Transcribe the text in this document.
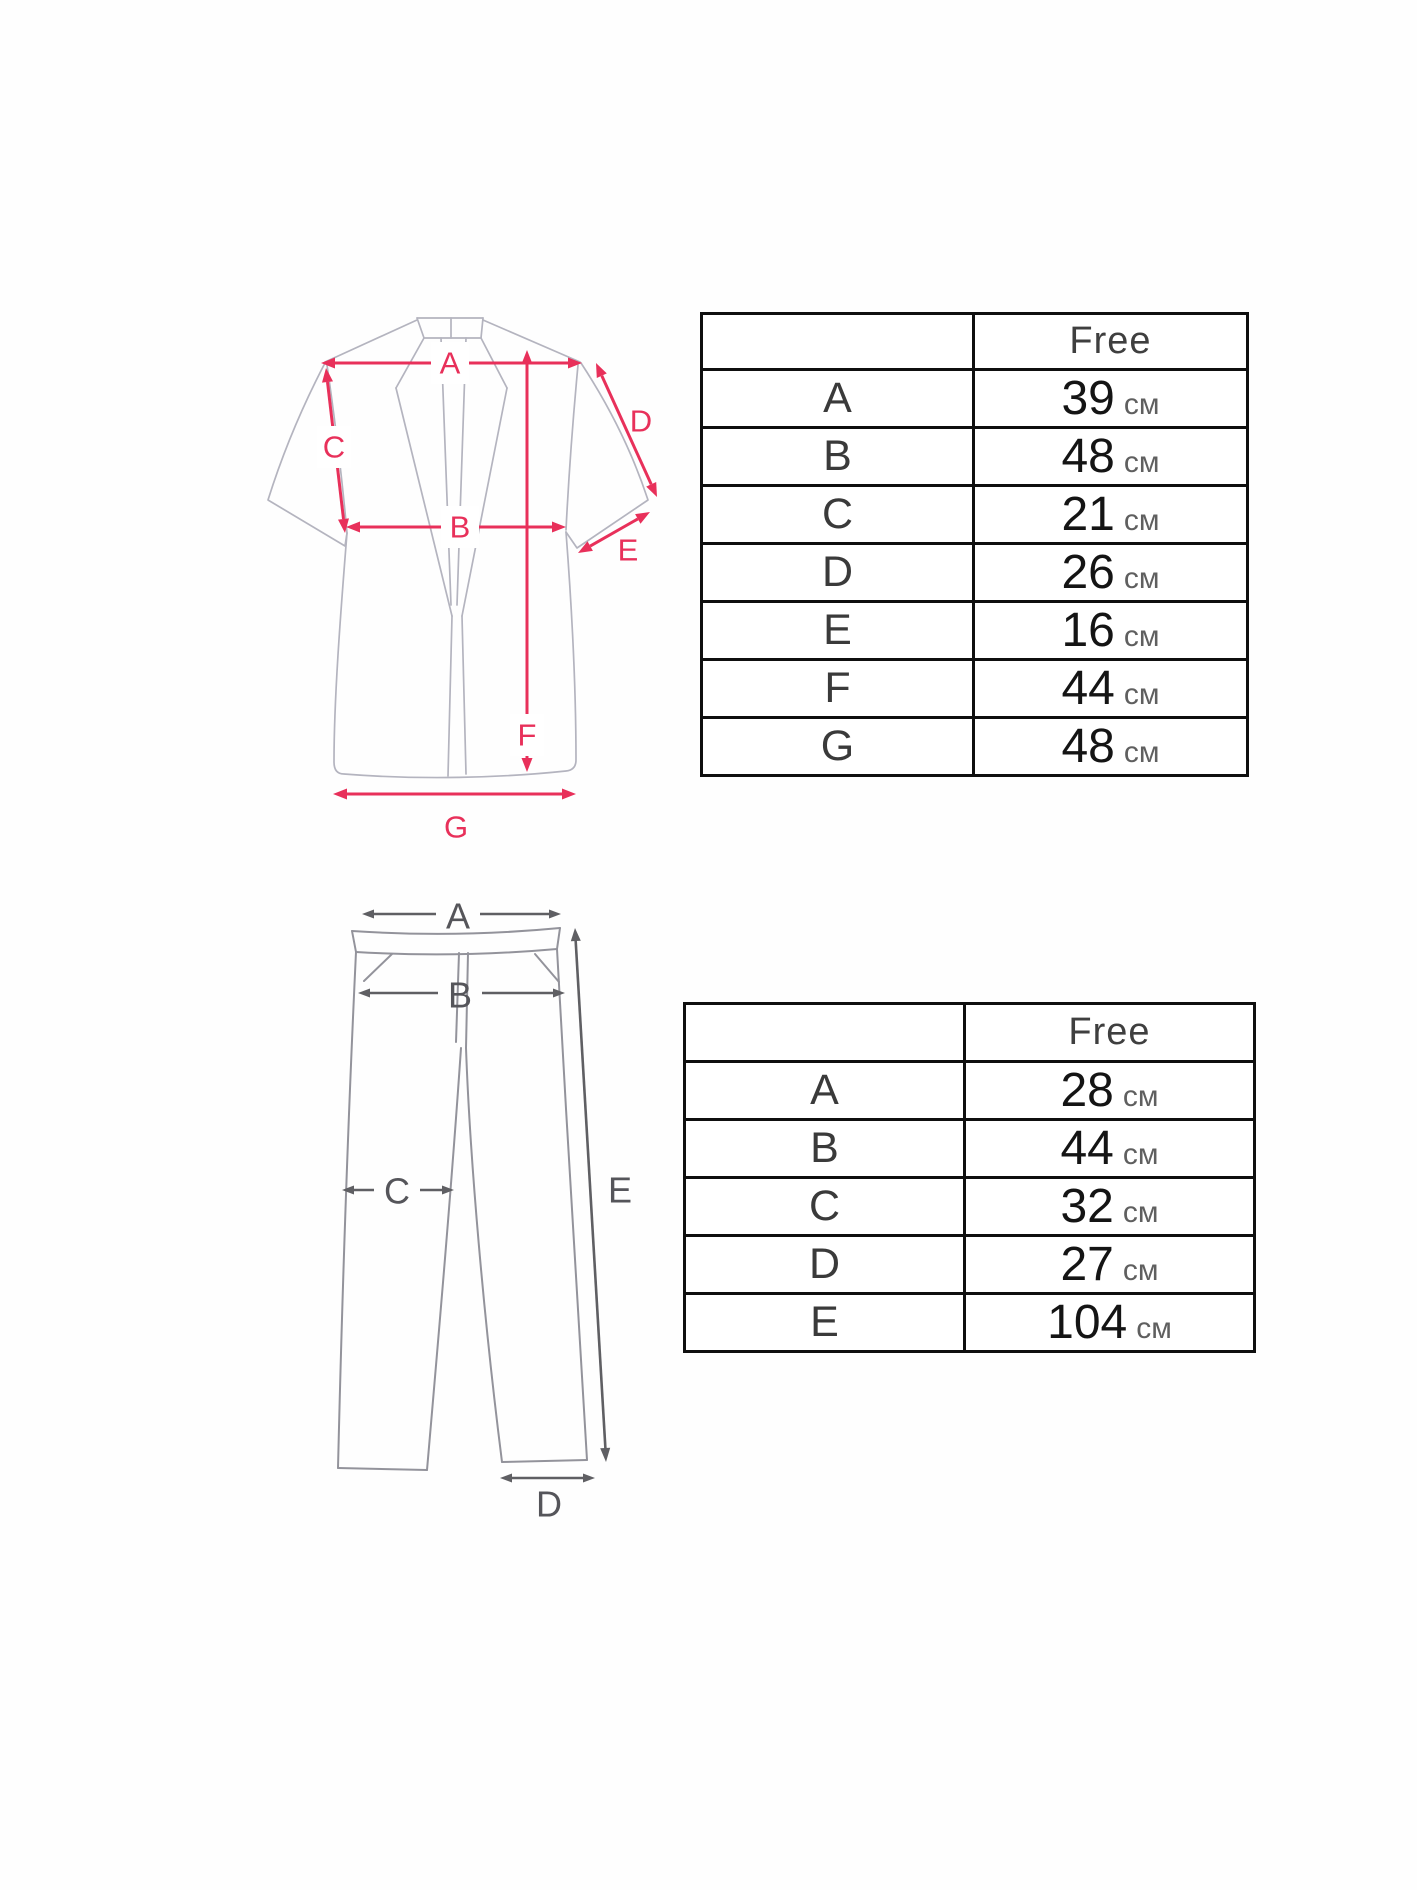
A
B
C
D
E
F
G
	Free
A	39 см
B	48 см
C	21 см
D	26 см
E	16 см
F	44 см
G	48 см
A
B
C
D
E
	Free
A	28 см
B	44 см
C	32 см
D	27 см
E	104 см
